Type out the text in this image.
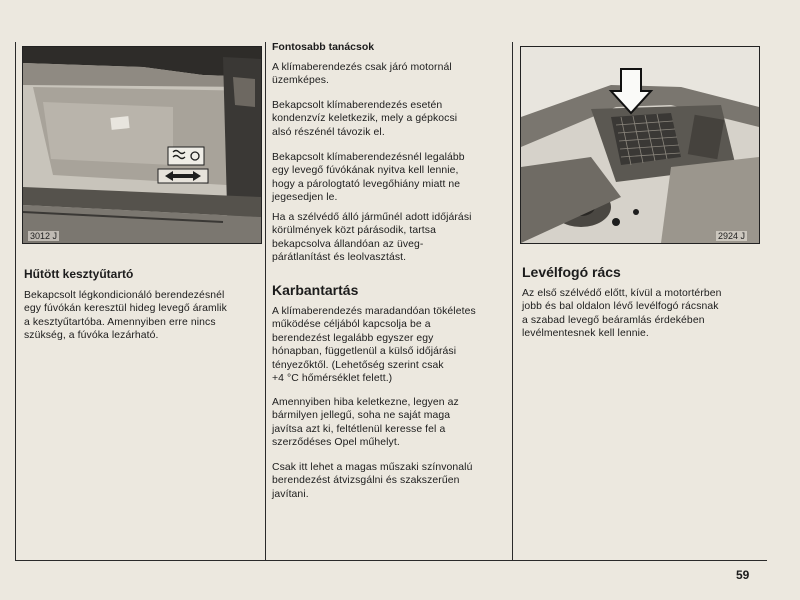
3012 J
Hűtött kesztyűtartó

Bekapcsolt légkondicionáló berendezésnél
egy fúvókán keresztül hideg levegő áramlik
a kesztyűtartóba. Amennyiben erre nincs
szükség, a fúvóka lezárható.

Fontosabb tanácsok

A klímaberendezés csak járó motornál
üzemképes.

Bekapcsolt klímaberendezés esetén
kondenzvíz keletkezik, mely a gépkocsi
alsó részénél távozik el.

Bekapcsolt klímaberendezésnél legalább
egy levegő fúvókának nyitva kell lennie,
hogy a párologtató levegőhiány miatt ne
jegesedjen le.

Ha a szélvédő álló járműnél adott időjárási
körülmények közt párásodik, tartsa
bekapcsolva állandóan az üveg-
párátlanítást és leolvasztást.

Karbantartás

A klímaberendezés maradandóan tökéletes
működése céljából kapcsolja be a
berendezést legalább egyszer egy
hónapban, függetlenül a külső időjárási
tényezőktől. (Lehetőség szerint csak
+4 °C hőmérséklet felett.)

Amennyiben hiba keletkezne, legyen az
bármilyen jellegű, soha ne saját maga
javítsa azt ki, feltétlenül keresse fel a
szerződéses Opel műhelyt.

Csak itt lehet a magas műszaki színvonalú
berendezést átvizsgálni és szakszerűen
javítani.

2924 J
Levélfogó rács

Az első szélvédő előtt, kívül a motortérben
jobb és bal oldalon lévő levélfogó rácsnak
a szabad levegő beáramlás érdekében
levélmentesnek kell lennie.

59
